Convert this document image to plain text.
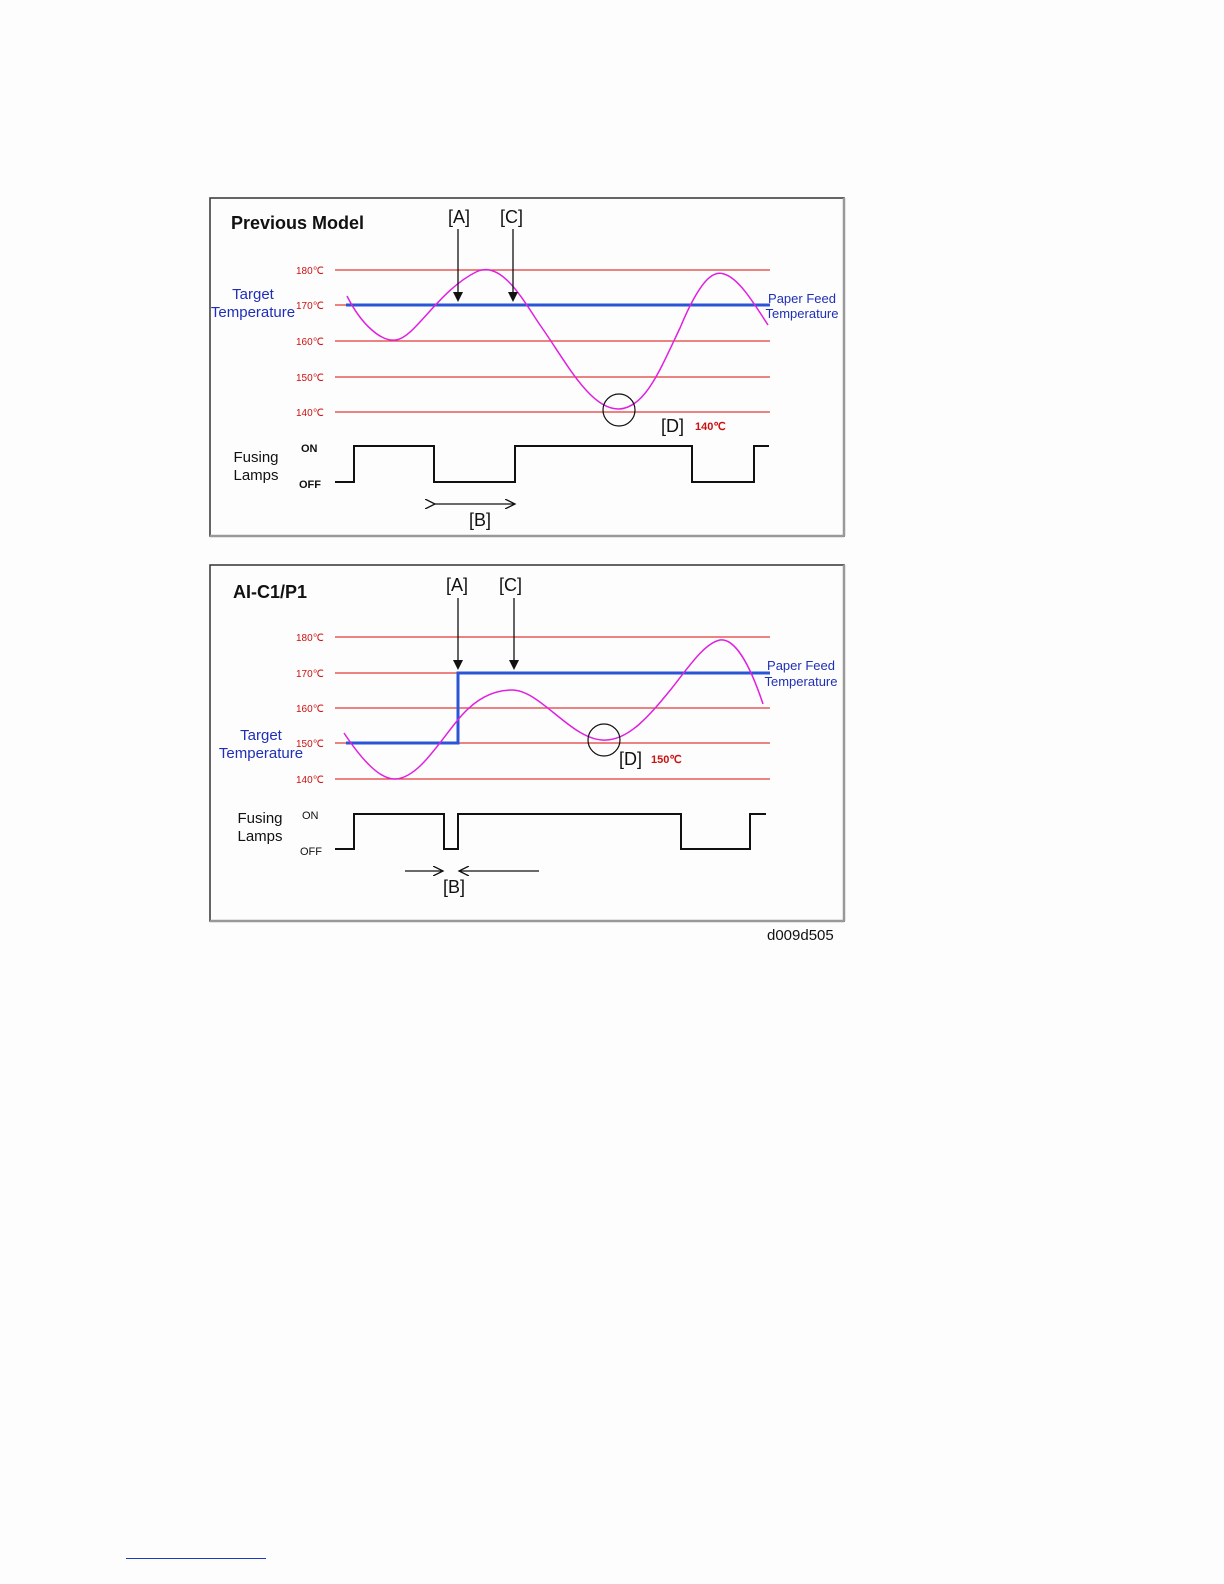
Previous Model
180℃
170℃
160℃
150℃
140℃
[D] 140℃
Target
Temperature
Paper Feed
Temperature
[A] [C]
Fusing
Lamps
ON
OFF
[B]
AI-C1/P1
180℃
170℃
160℃
150℃
140℃
[D] 150℃
Target
Temperature
Paper Feed
Temperature
[A] [C]
Fusing
Lamps
ON
OFF
[B]
d009d505
